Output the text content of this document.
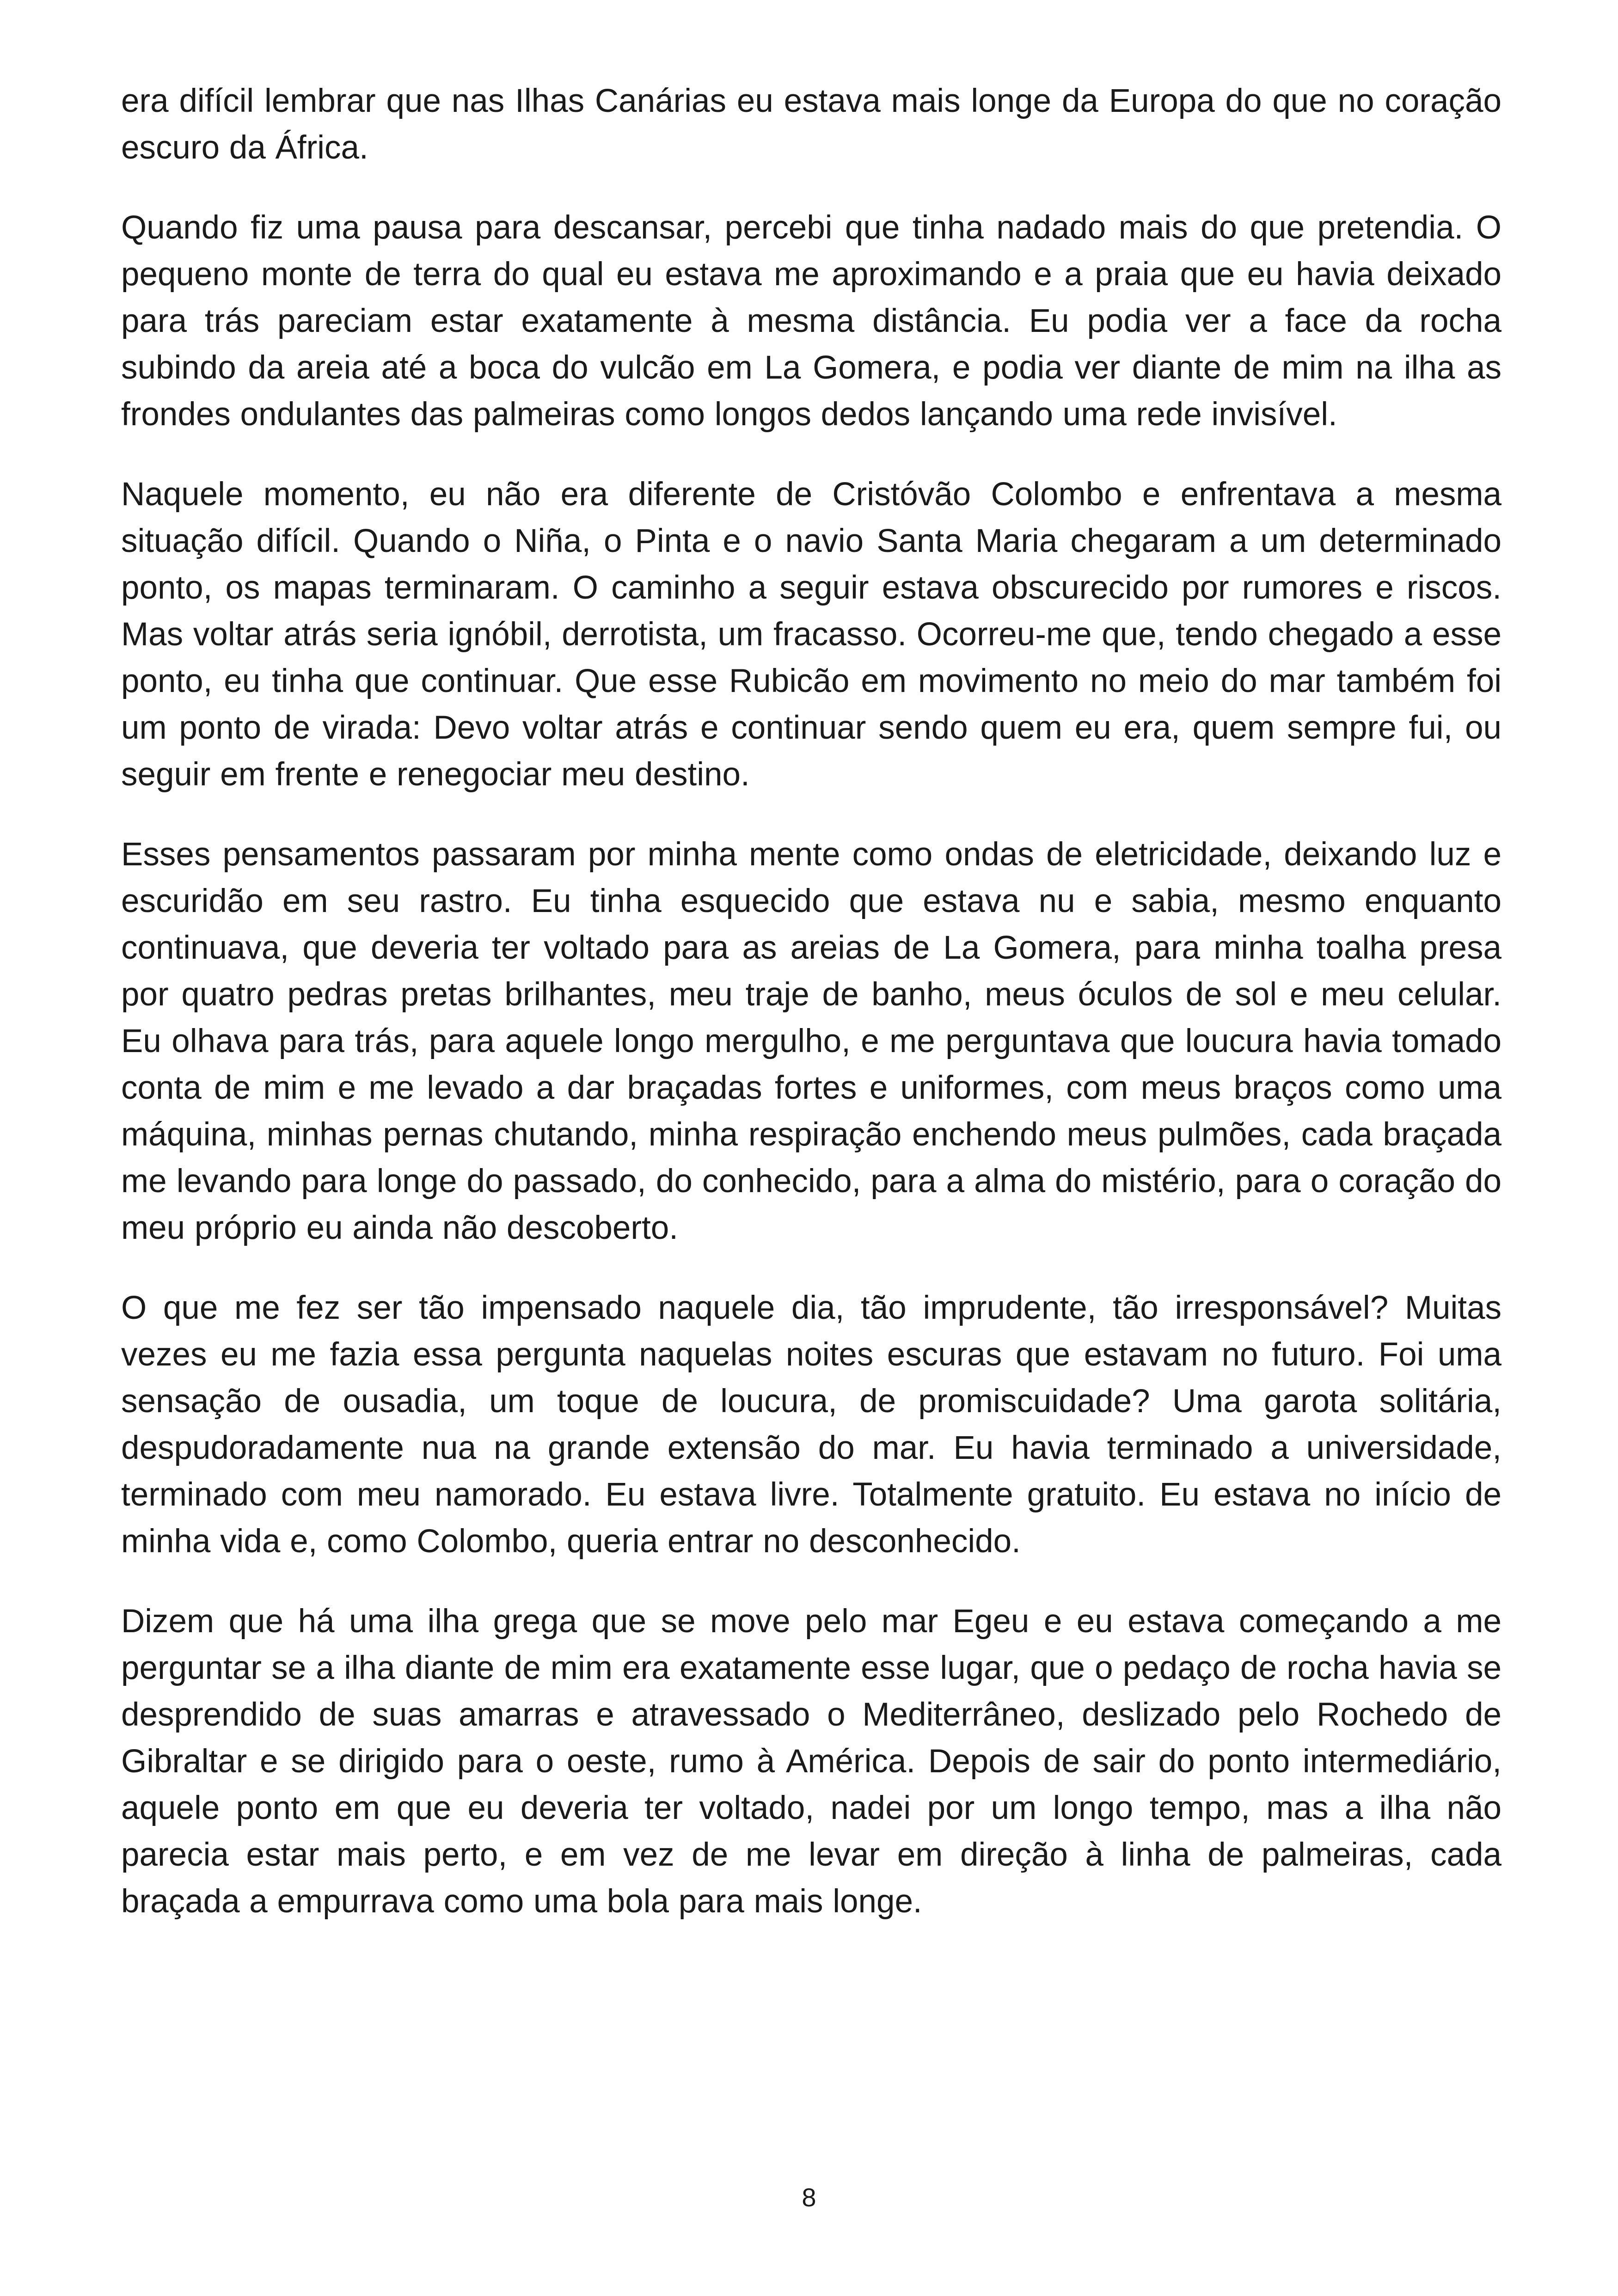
era difícil lembrar que nas Ilhas Canárias eu estava mais longe da Europa do que no coração escuro da África.

Quando fiz uma pausa para descansar, percebi que tinha nadado mais do que pretendia. O pequeno monte de terra do qual eu estava me aproximando e a praia que eu havia deixado para trás pareciam estar exatamente à mesma distância. Eu podia ver a face da rocha subindo da areia até a boca do vulcão em La Gomera, e podia ver diante de mim na ilha as frondes ondulantes das palmeiras como longos dedos lançando uma rede invisível.

Naquele momento, eu não era diferente de Cristóvão Colombo e enfrentava a mesma situação difícil. Quando o Niña, o Pinta e o navio Santa Maria chegaram a um determinado ponto, os mapas terminaram. O caminho a seguir estava obscurecido por rumores e riscos. Mas voltar atrás seria ignóbil, derrotista, um fracasso. Ocorreu-me que, tendo chegado a esse ponto, eu tinha que continuar. Que esse Rubicão em movimento no meio do mar também foi um ponto de virada: Devo voltar atrás e continuar sendo quem eu era, quem sempre fui, ou seguir em frente e renegociar meu destino.

Esses pensamentos passaram por minha mente como ondas de eletricidade, deixando luz e escuridão em seu rastro. Eu tinha esquecido que estava nu e sabia, mesmo enquanto continuava, que deveria ter voltado para as areias de La Gomera, para minha toalha presa por quatro pedras pretas brilhantes, meu traje de banho, meus óculos de sol e meu celular. Eu olhava para trás, para aquele longo mergulho, e me perguntava que loucura havia tomado conta de mim e me levado a dar braçadas fortes e uniformes, com meus braços como uma máquina, minhas pernas chutando, minha respiração enchendo meus pulmões, cada braçada me levando para longe do passado, do conhecido, para a alma do mistério, para o coração do meu próprio eu ainda não descoberto.

O que me fez ser tão impensado naquele dia, tão imprudente, tão irresponsável? Muitas vezes eu me fazia essa pergunta naquelas noites escuras que estavam no futuro. Foi uma sensação de ousadia, um toque de loucura, de promiscuidade? Uma garota solitária, despudoradamente nua na grande extensão do mar. Eu havia terminado a universidade, terminado com meu namorado. Eu estava livre. Totalmente gratuito. Eu estava no início de minha vida e, como Colombo, queria entrar no desconhecido.

Dizem que há uma ilha grega que se move pelo mar Egeu e eu estava começando a me perguntar se a ilha diante de mim era exatamente esse lugar, que o pedaço de rocha havia se desprendido de suas amarras e atravessado o Mediterrâneo, deslizado pelo Rochedo de Gibraltar e se dirigido para o oeste, rumo à América. Depois de sair do ponto intermediário, aquele ponto em que eu deveria ter voltado, nadei por um longo tempo, mas a ilha não parecia estar mais perto, e em vez de me levar em direção à linha de palmeiras, cada braçada a empurrava como uma bola para mais longe.

8
